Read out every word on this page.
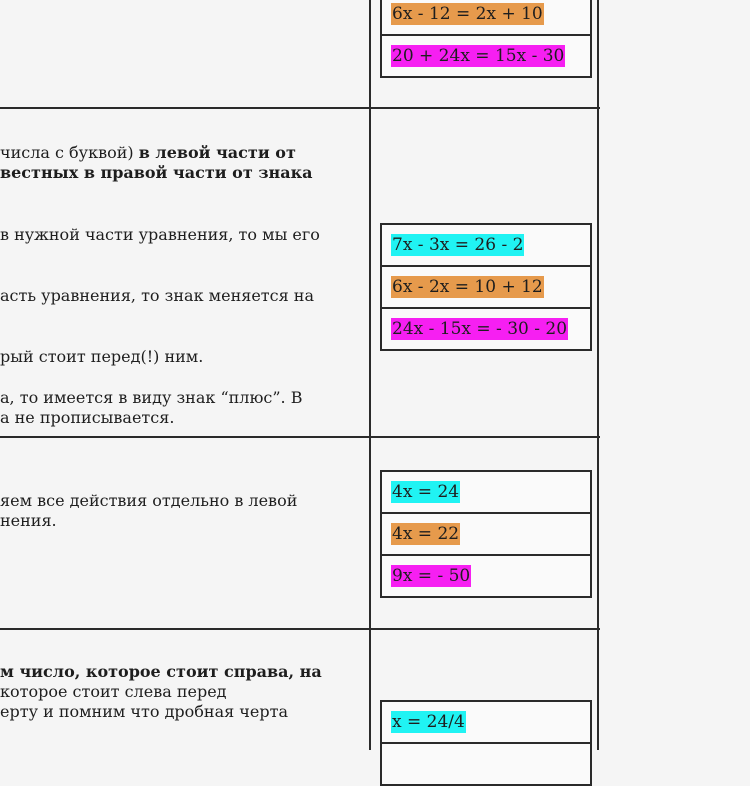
6x - 12 = 2x + 10
20 + 24x = 15x - 30
числа с буквой) в левой части от
вестных в правой части от знака
в нужной части уравнения, то мы его
асть уравнения, то знак меняется на
рый стоит перед(!) ним.
а, то имеется в виду знак “плюс”. В
а не прописывается.
7x - 3x = 26 - 2
6x - 2x = 10 + 12
24x - 15x = - 30 - 20
яем все действия отдельно в левой
нения.
4x = 24
4x = 22
9x = - 50
м число, которое стоит справа, на
которое стоит слева перед
ерту и помним что дробная черта
x = 24/4
